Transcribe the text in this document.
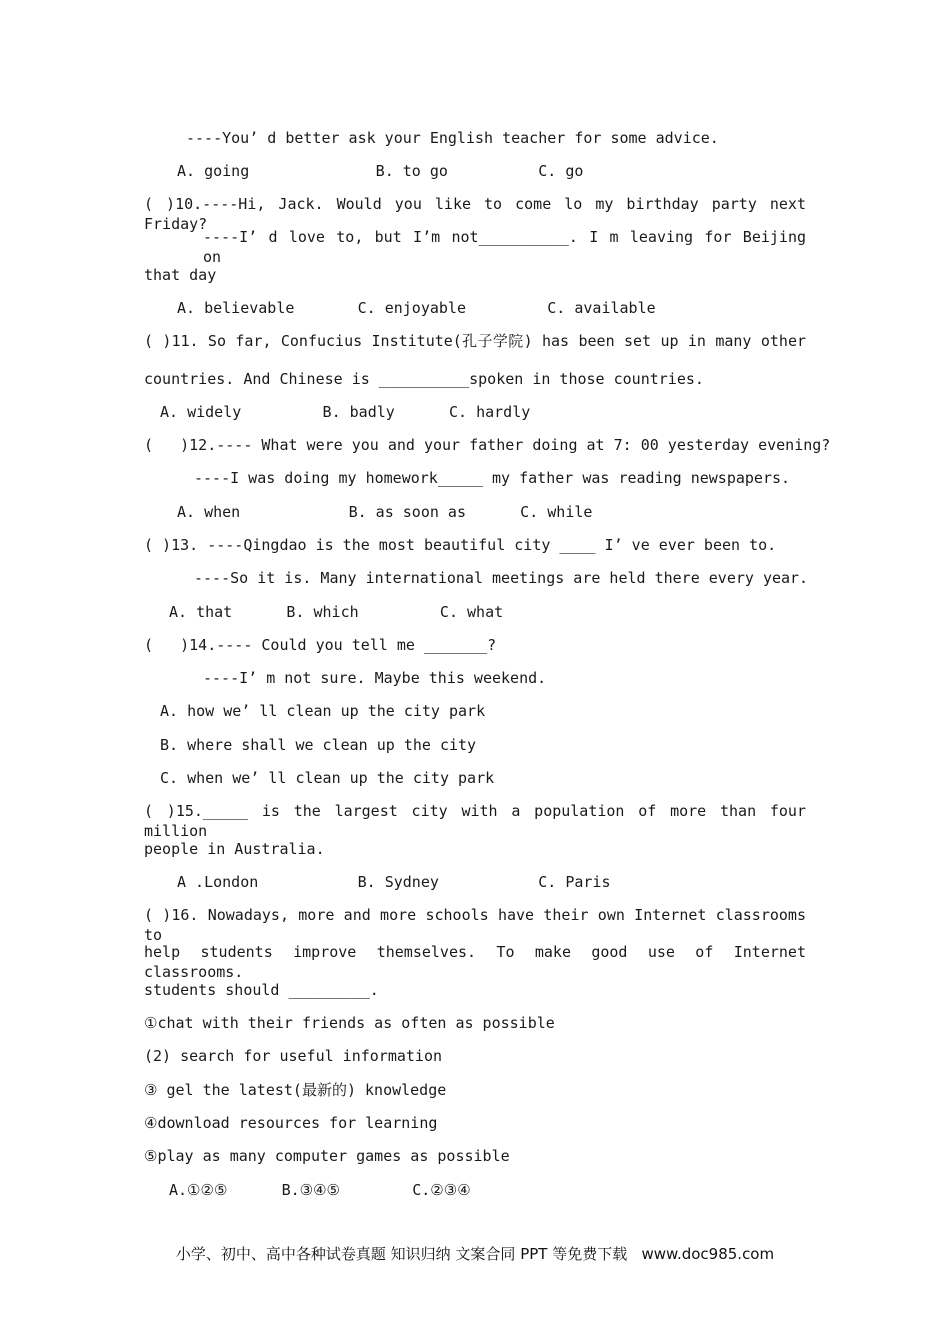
----You’ d better ask your English teacher for some advice.
A. going              B. to go          C. go
( )10.----Hi, Jack. Would you like to come lo my birthday party next Friday?
----I’ d love to, but I’m not__________. I m leaving for Beijing on
that day
A. believable       C. enjoyable         C. available
( )11. So far, Confucius Institute(孔子学院) has been set up in many other
countries. And Chinese is __________spoken in those countries.
A. widely         B. badly      C. hardly
(   )12.---- What were you and your father doing at 7: 00 yesterday evening?
----I was doing my homework_____ my father was reading newspapers.
A. when            B. as soon as      C. while
( )13. ----Qingdao is the most beautiful city ____ I’ ve ever been to.
----So it is. Many international meetings are held there every year.
A. that      B. which         C. what
(   )14.---- Could you tell me _______?
----I’ m not sure. Maybe this weekend.
A. how we’ ll clean up the city park
B. where shall we clean up the city
C. when we’ ll clean up the city park
( )15._____ is the largest city with a population of more than four million
people in Australia.
A .London           B. Sydney           C. Paris
( )16. Nowadays, more and more schools have their own Internet classrooms to
help students improve themselves. To make good use of Internet classrooms.
students should _________.
①chat with their friends as often as possible
(2) search for useful information
③ gel the latest(最新的) knowledge
④download resources for learning
⑤play as many computer games as possible
A.①②⑤      B.③④⑤        C.②③④
小学、初中、高中各种试卷真题 知识归纳 文案合同 PPT 等免费下载   www.doc985.com
